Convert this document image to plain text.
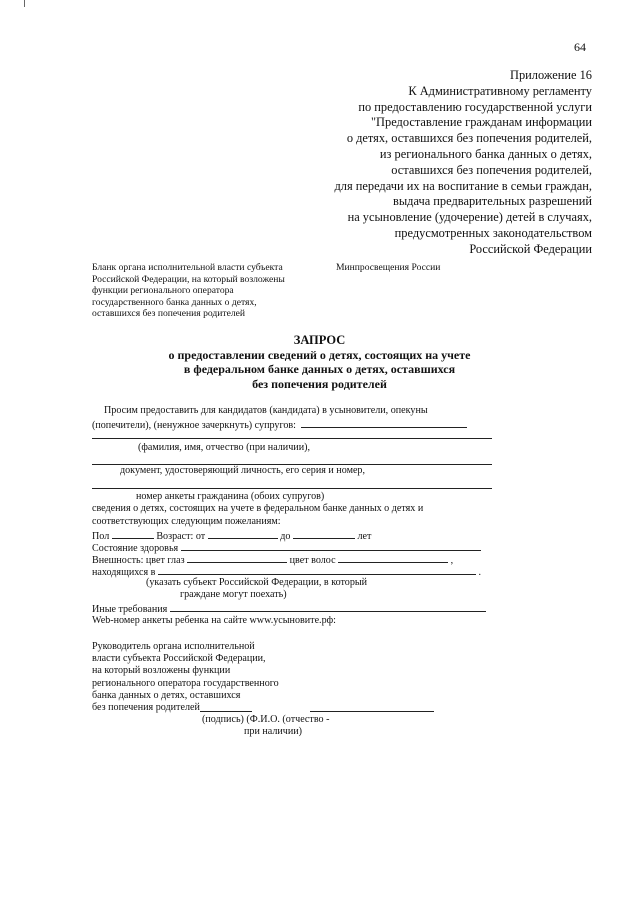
64
Приложение 16
К Административному регламенту
по предоставлению государственной услуги
"Предоставление гражданам информации
о детях, оставшихся без попечения родителей,
из регионального банка данных о детях,
оставшихся без попечения родителей,
для передачи их на воспитание в семьи граждан,
выдача предварительных разрешений
на усыновление (удочерение) детей в случаях,
предусмотренных законодательством
Российской Федерации
Бланк органа исполнительной власти субъекта
Российской Федерации, на который возложены
функции регионального оператора
государственного банка данных о детях,
оставшихся без попечения родителей
Минпросвещения России
ЗАПРОС
о предоставлении сведений о детях, состоящих на учете
в федеральном банке данных о детях, оставшихся
без попечения родителей
Просим предоставить для кандидатов (кандидата) в усыновители, опекуны
(попечители), (ненужное зачеркнуть) супругов:
(фамилия, имя, отчество (при наличии),
документ, удостоверяющий личность, его серия и номер,
номер анкеты гражданина (обоих супругов)
сведения о детях, состоящих на учете в федеральном банке данных о детях и
соответствующих следующим пожеланиям:
Пол	Возраст: от	до	лет
Состояние здоровья
Внешность: цвет глаз	цвет волос	,
находящихся в	.
(указать субъект Российской Федерации, в который
граждане могут поехать)
Иные требования
Web-номер анкеты ребенка на сайте www.усыновите.рф:
Руководитель органа исполнительной
власти субъекта Российской Федерации,
на который возложены функции
регионального оператора государственного
банка данных о детях, оставшихся
без попечения родителей
(подпись) (Ф.И.О. (отчество -
при наличии)
